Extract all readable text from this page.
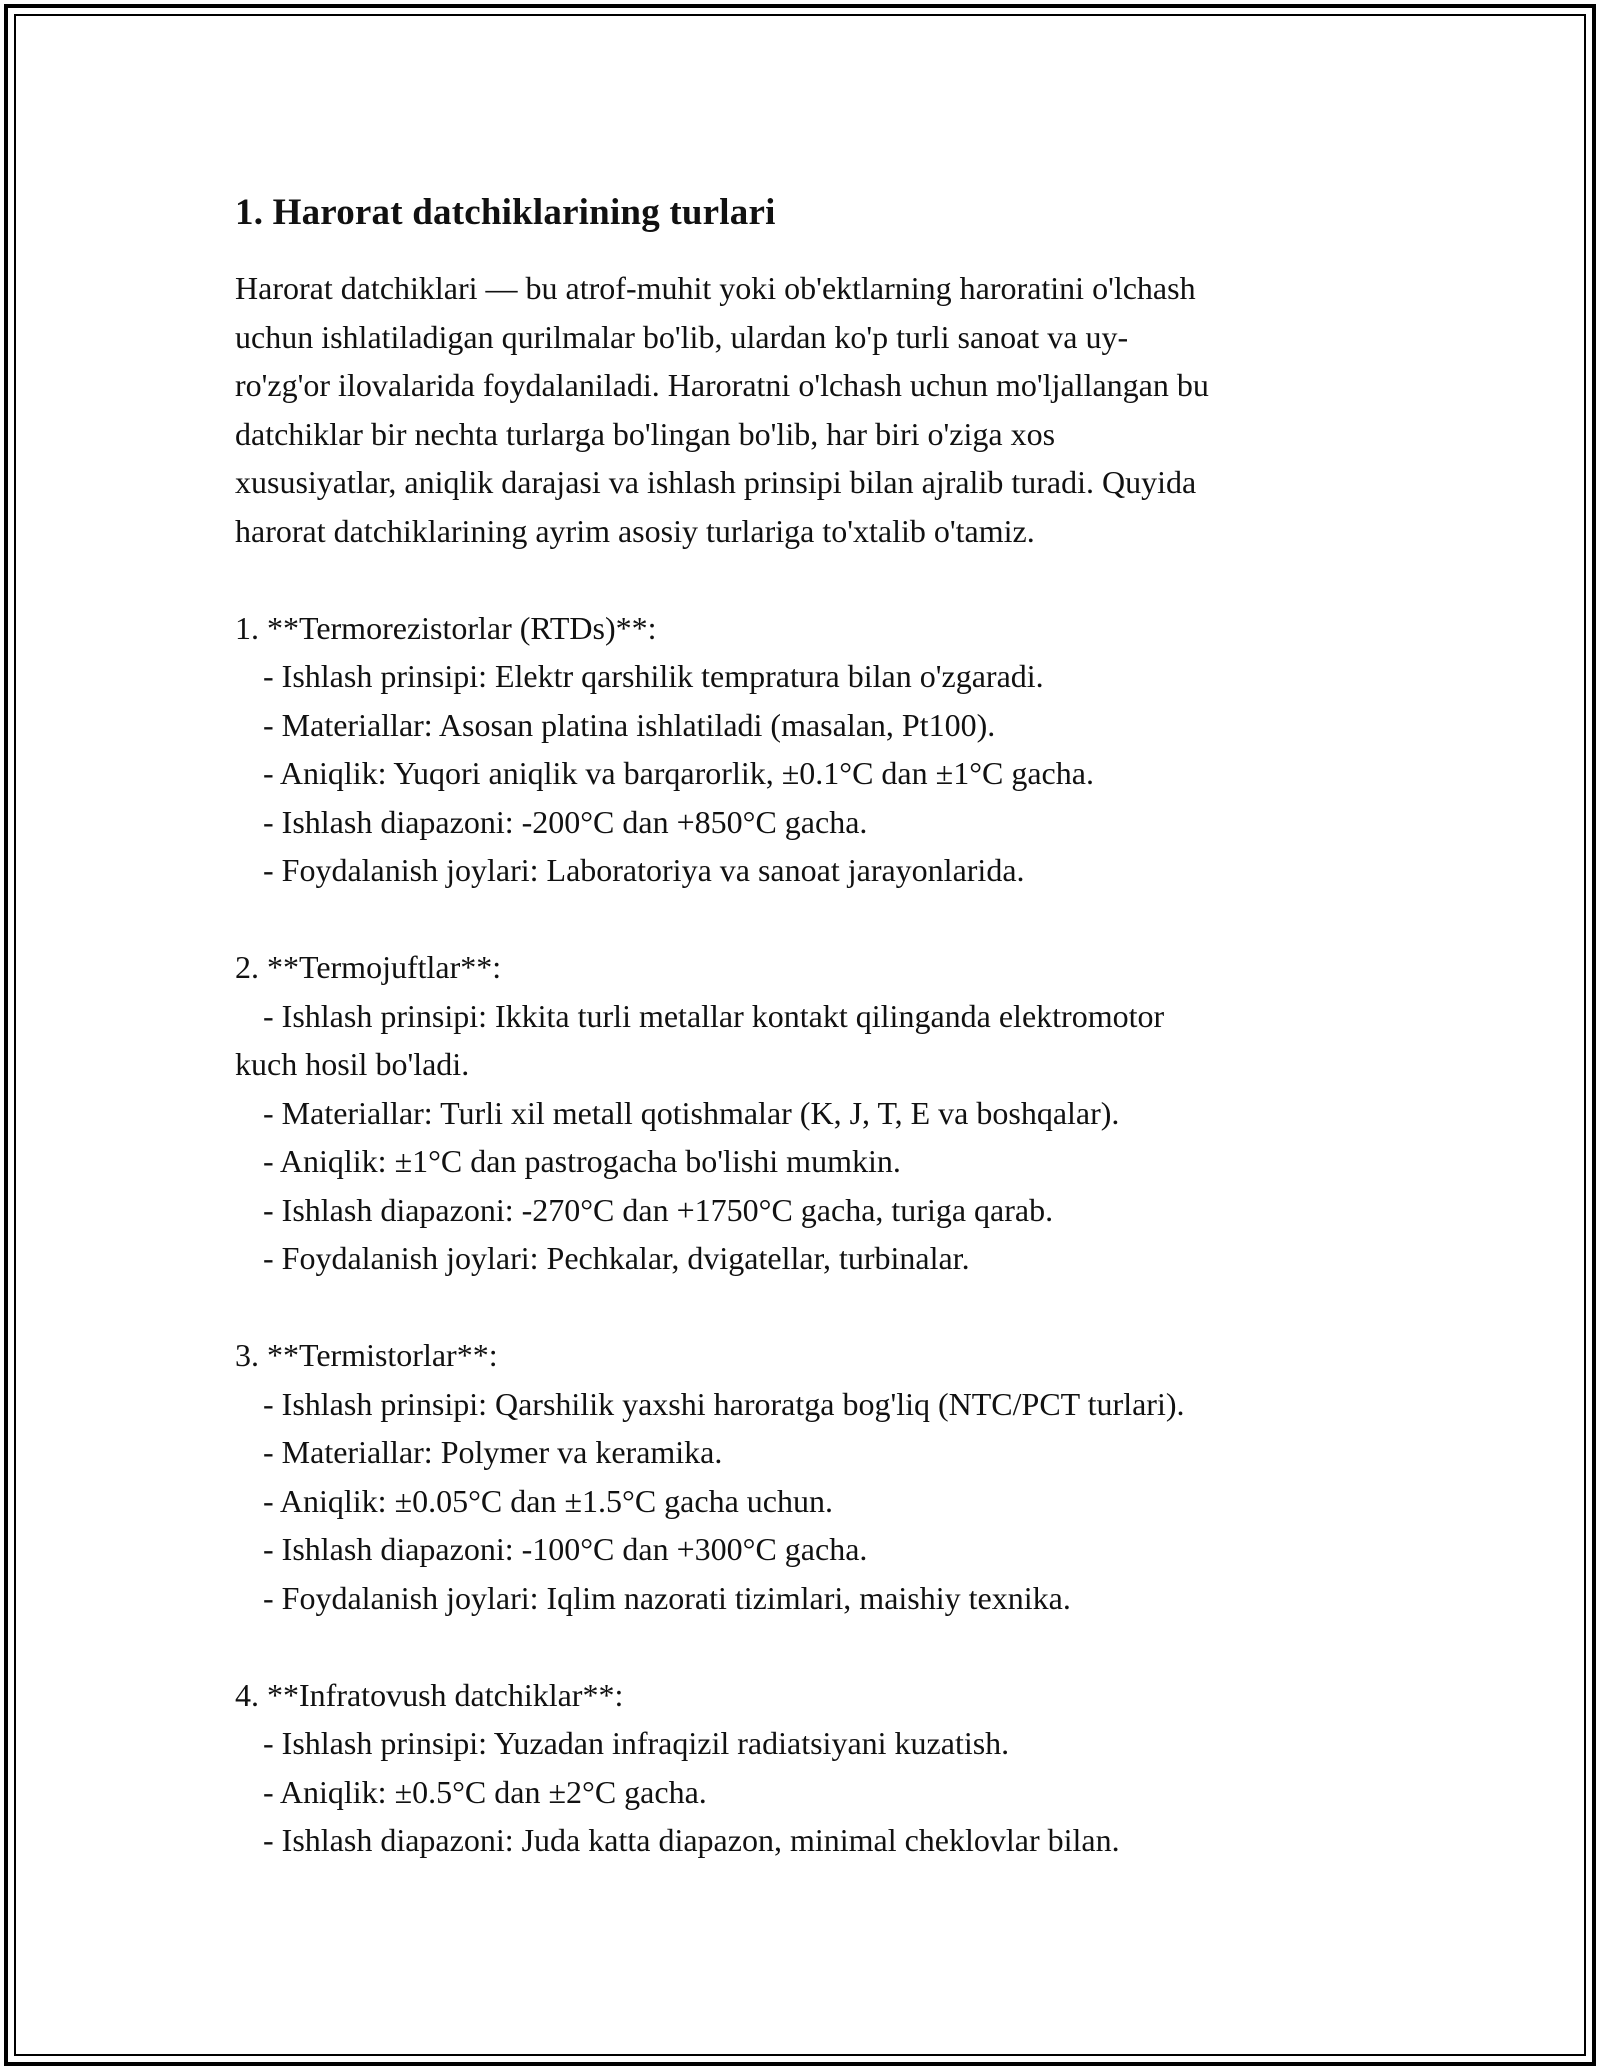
1. Harorat datchiklarining turlari
Harorat datchiklari — bu atrof-muhit yoki ob'ektlarning haroratini o'lchash
uchun ishlatiladigan qurilmalar bo'lib, ulardan ko'p turli sanoat va uy-
ro'zg'or ilovalarida foydalaniladi. Haroratni o'lchash uchun mo'ljallangan bu
datchiklar bir nechta turlarga bo'lingan bo'lib, har biri o'ziga xos
xususiyatlar, aniqlik darajasi va ishlash prinsipi bilan ajralib turadi. Quyida
harorat datchiklarining ayrim asosiy turlariga to'xtalib o'tamiz.
1. **Termorezistorlar (RTDs)**:
- Ishlash prinsipi: Elektr qarshilik tempratura bilan o'zgaradi.
- Materiallar: Asosan platina ishlatiladi (masalan, Pt100).
- Aniqlik: Yuqori aniqlik va barqarorlik, ±0.1°C dan ±1°C gacha.
- Ishlash diapazoni: -200°C dan +850°C gacha.
- Foydalanish joylari: Laboratoriya va sanoat jarayonlarida.
2. **Termojuftlar**:
- Ishlash prinsipi: Ikkita turli metallar kontakt qilinganda elektromotor
kuch hosil bo'ladi.
- Materiallar: Turli xil metall qotishmalar (K, J, T, E va boshqalar).
- Aniqlik: ±1°C dan pastrogacha bo'lishi mumkin.
- Ishlash diapazoni: -270°C dan +1750°C gacha, turiga qarab.
- Foydalanish joylari: Pechkalar, dvigatellar, turbinalar.
3. **Termistorlar**:
- Ishlash prinsipi: Qarshilik yaxshi haroratga bog'liq (NTC/PCT turlari).
- Materiallar: Polymer va keramika.
- Aniqlik: ±0.05°C dan ±1.5°C gacha uchun.
- Ishlash diapazoni: -100°C dan +300°C gacha.
- Foydalanish joylari: Iqlim nazorati tizimlari, maishiy texnika.
4. **Infratovush datchiklar**:
- Ishlash prinsipi: Yuzadan infraqizil radiatsiyani kuzatish.
- Aniqlik: ±0.5°C dan ±2°C gacha.
- Ishlash diapazoni: Juda katta diapazon, minimal cheklovlar bilan.
